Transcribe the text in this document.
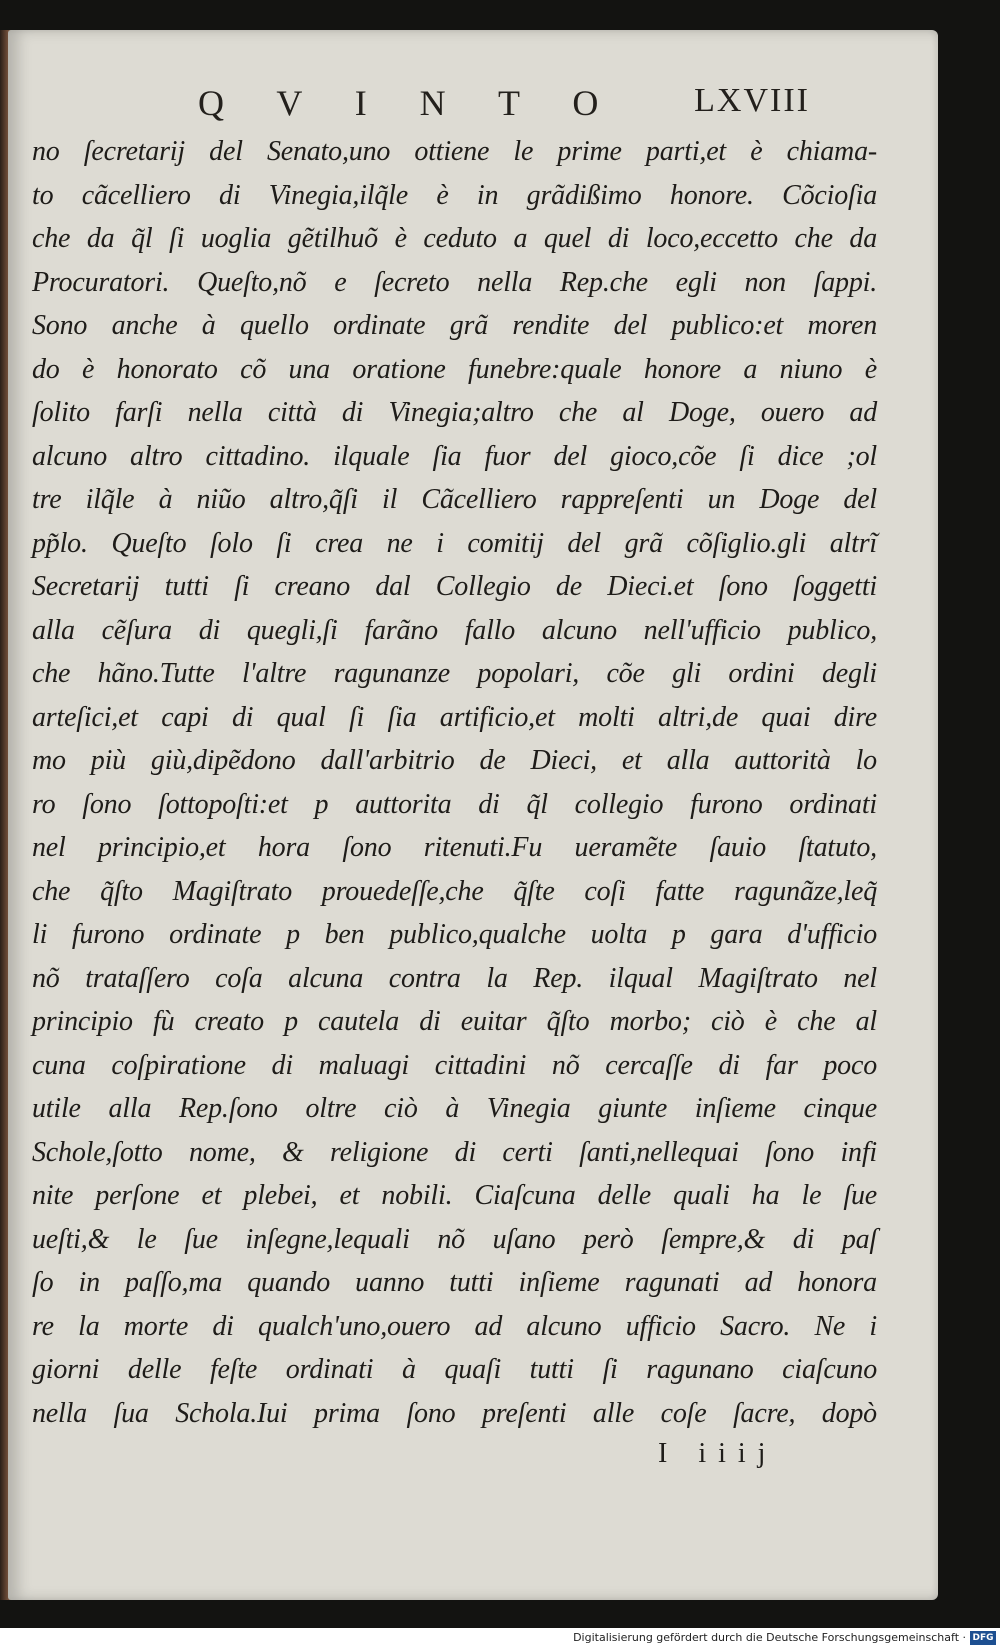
Q V I N T O LXVIII
no ſecretarij del Senato,uno ottiene le prime parti,et è chiama-
to cãcelliero di Vinegia,ilq̃le è in grãdißimo honore. Cõcioſia
che da q̃l ſi uoglia gẽtilhuõ è ceduto a quel di loco,eccetto che da
Procuratori. Queſto,nõ e ſecreto nella Rep.che egli non ſappi.
Sono anche à quello ordinate grã rendite del publico:et moren
do è honorato cõ una oratione funebre:quale honore a niuno è
ſolito farſi nella città di Vinegia;altro che al Doge, ouero ad
alcuno altro cittadino. ilquale ſia fuor del gioco,cõe ſi dice ;ol
tre ilq̃le à niũo altro,q̃ſi il Cãcelliero rappreſenti un Doge del
pp̃lo. Queſto ſolo ſi crea ne i comitij del grã cõſiglio.gli altrĩ
Secretarij tutti ſi creano dal Collegio de Dieci.et ſono ſoggetti
alla cẽſura di quegli,ſi farãno fallo alcuno nell'ufficio publico,
che hãno.Tutte l'altre ragunanze popolari, cõe gli ordini degli
arteſici,et capi di qual ſi ſia artificio,et molti altri,de quai dire
mo più giù,dipẽdono dall'arbitrio de Dieci, et alla auttorità lo
ro ſono ſottopoſti:et p auttorita di q̃l collegio furono ordinati
nel principio,et hora ſono ritenuti.Fu ueramẽte ſauio ſtatuto,
che q̃ſto Magiſtrato prouedeſſe,che q̃ſte coſi fatte ragunãze,leq̃
li furono ordinate p ben publico,qualche uolta p gara d'ufficio
nõ trataſſero coſa alcuna contra la Rep. ilqual Magiſtrato nel
principio fù creato p cautela di euitar q̃ſto morbo; ciò è che al
cuna coſpiratione di maluagi cittadini nõ cercaſſe di far poco
utile alla Rep.ſono oltre ciò à Vinegia giunte inſieme cinque
Schole,ſotto nome, & religione di certi ſanti,nellequai ſono infi
nite perſone et plebei, et nobili. Ciaſcuna delle quali ha le ſue
ueſti,& le ſue inſegne,lequali nõ uſano però ſempre,& di paſ
ſo in paſſo,ma quando uanno tutti inſieme ragunati ad honora
re la morte di qualch'uno,ouero ad alcuno ufficio Sacro. Ne i
giorni delle feſte ordinati à quaſi tutti ſi ragunano ciaſcuno
nella ſua Schola.Iui prima ſono preſenti alle coſe ſacre, dopò
I iiij
Digitalisierung gefördert durch die Deutsche Forschungsgemeinschaft · DFG
